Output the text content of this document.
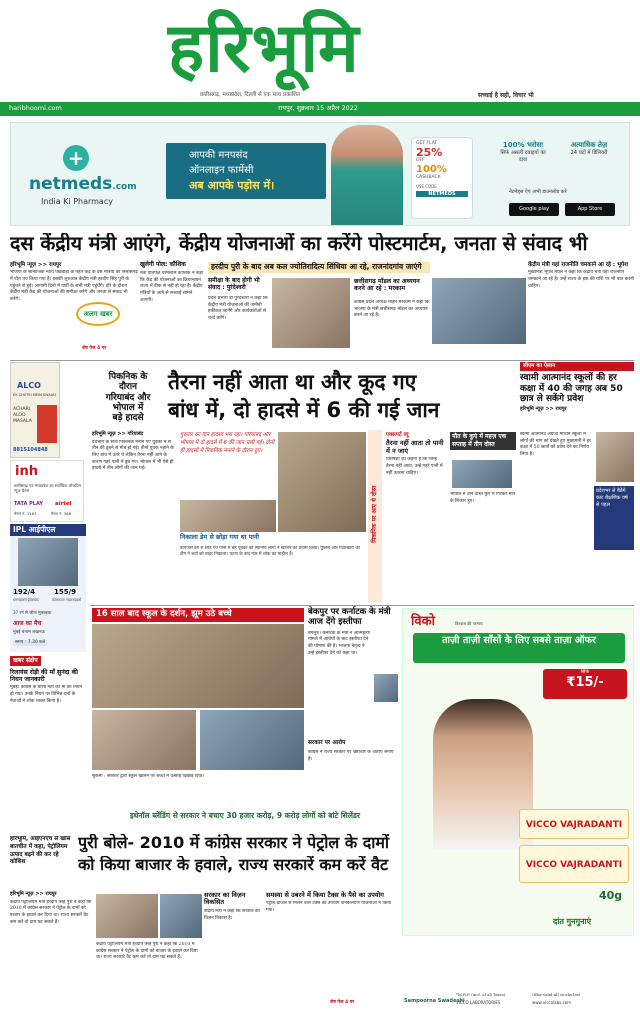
हरिभूमि
छत्तीसगढ़, मध्यप्रदेश, दिल्ली से एक साथ प्रकाशित	सच्चाई है सही, विचार भी
haribhoomi.com	रायपुर, शुक्रवार 15 अप्रैल 2022
+
netmeds.com
India Ki Pharmacy
आपकी मनपसंद
ऑनलाइन फार्मेसी
अब आपके पड़ोस में।
GET FLAT
25%
OFF
100%
CASHBACK
USE CODE
NETMEDS
100% भरोसा
सिर्फ असली दवाइयों का दावा
अत्याधिक तेज़
24 घंटों में डिलिवरी
नेटमेड्स ऐप अभी डाउनलोड करें
Google play	App Store
दस केंद्रीय मंत्री आएंगे, केंद्रीय योजनाओं का करेंगे पोस्टमार्टम, जनता से संवाद भी
हरिभूमि न्यूज़ >> रायपुर
भाजपा के सामाजिक न्याय पखवाड़ा के तहत केंद्र के दस मंत्रियों का छत्तीसगढ़ में दौरा तय किया गया है। इसकी शुरुआत केंद्रीय मंत्री हरदीप सिंह पुरी के पहुंचने से हुई। आगामी दिनों में पार्टी के सभी मंत्री पहुंचेंगे। दौरे के दौरान केंद्रीय मंत्री केंद्र की योजनाओं की समीक्षा करेंगे और जनता से संवाद भी करेंगे।
अलग खबर
शेष पेज 4 पर
खुलेगी पोल: कौशिक
नेता प्रतिपक्ष धरमलाल कौशिक ने कहा कि केंद्र की योजनाओं का क्रियान्वयन राज्य में ठीक से नहीं हो रहा है। केंद्रीय मंत्रियों के आने से सच्चाई सामने आएगी।
हरदीप पुरी के बाद अब कल ज्योतिरादित्य सिंधिया आ रहे, राजनांदगांव जाएंगे
समीक्षा के बाद होगी भी संवाद : पुरंदेश्वरी
प्रदेश प्रभारी डी पुरंदेश्वरी ने कहा कि केंद्रीय मंत्री योजनाओं की जमीनी हकीकत जानेंगे और कार्यकर्ताओं से चर्चा करेंगे।
छत्तीसगढ़ मॉडल का अध्ययन करने आ रहे : मरकाम
कांग्रेस प्रदेश अध्यक्ष मोहन मरकाम ने कहा कि भाजपा के मंत्री छत्तीसगढ़ मॉडल का अध्ययन करने आ रहे हैं।
केंद्रीय मंत्री यहां राजनीति चमकाने आ रहे : भूपेश
मुख्यमंत्री भूपेश बघेल ने कहा कि केंद्रीय मंत्री यहां राजनीति चमकाने आ रहे हैं। उन्हें राज्य के हक की राशि पर भी बात करनी चाहिए।
ALCO
EK CHUTKI MEIN SWAAD
ACHARI ALOO MASALA
8815104848
inh
छत्तीसगढ़ एवं मध्यप्रदेश का सर्वाधिक लोकप्रिय न्यूज़ चैनल
TATA PLAY airtel
चैनल नं. 1163	चैनल नं. 368
IPL आईपीएल
192/4	155/9
सनराइजर्स हैदराबाद	कोलकाता नाइटराइडर्स
37 रन से जीता मुकाबला
आज का मैच
मुंबई बनाम लखनऊ
समय : 7.30 बजे
खबर संक्षेप
रिलायंस रोड़ी की माँ सुनंदा की निधन जानकारी
मुंबई। कांग्रेस के वरिष्ठ नेता की माँ का निधन हो गया। उनके निधन पर विभिन्न दलों के नेताओं ने शोक व्यक्त किया है।
पिकनिक के
दौरान
गरियाबंद और
भोपाल में
बड़े हादसे
तैरना नहीं आता था और कूद गए
बांध में, दो हादसे में 6 की गई जान
हरिभूमि न्यूज़ >> गरियाबंद
देवभोग के साथ पिकनिक मनाने गए युवकों में से तीन की डूबने से मौत हो गई। तीनों युवक नहाने के लिए बांध में उतरे थे लेकिन तैरना नहीं आने के कारण गहरे पानी में डूब गए। भोपाल में भी ऐसे ही हादसे में तीन लोगों की जान गई।
गुरुवार का दिन हादसों भरा रहा। गरियाबंद और भोपाल में दो हादसे में 6 की जान चली गई। दोनों ही हादसों में पिकनिक मनाने के दौरान हुए।
निकाला डेम से छोड़ा गया था पानी
बायपास डेम से छोड़े गए पानी में बहे युवकों को स्थानीय लोगों ने खोजने का प्रयास किया। पुलिस और गोताखोरों की टीम ने शवों को बाहर निकाला। घटना के बाद गांव में शोक का माहौल है।
पिकनिक पर आए थे दोस्त
एक्सपर्ट व्यू
तैरना नहीं आता तो पानी में न जाएं
विशेषज्ञों का कहना है कि जिन्हें तैरना नहीं आता, उन्हें गहरे पानी में नहीं उतरना चाहिए।
मौत के कुएं में महज़ एक सप्ताह में तीन दोस्त
भोपाल में तीन दोस्त कुएं में गिरकर मौत के शिकार हुए।
सीएम का ऐलान
स्वामी आत्मानंद स्कूलों की हर कक्षा में 40 की जगह अब 50 छात्र ले सकेंगे प्रवेश
हरिभूमि न्यूज़ >> रायपुर
स्वामी आत्मानंद अंग्रेजी माध्यम स्कूलों में लोगों की मांग को देखते हुए मुख्यमंत्री ने हर कक्षा में 50 छात्रों को प्रवेश देने का निर्णय लिया है।
प्रदेशभर से बैठेंगे कार शैक्षणिक वर्ष से पहल
16 साल बाद स्कूल के दर्शन, झूम उठे बच्चे
सुकमा : सरकार द्वारा स्कूल खोलने पर बच्चों में उत्साह दिखाई दिया।
बेकपुर पर कर्नाटक के मंत्री आज देंगे इस्तीफा
बेंगलुरु। कर्नाटक के मंत्री ने आत्महत्या मामले में आरोपों के बाद इस्तीफा देने की घोषणा की है। भाजपा नेतृत्व ने उन्हें इस्तीफा देने को कहा था।
सरकार पर आरोप
कांग्रेस ने राज्य सरकार पर भ्रष्टाचार के आरोप लगाए हैं।
विको	विश्वास की परम्परा
ताज़ी ताज़ी साँसों के लिए सबसे ताज़ा ऑफर
सिर्फ
₹15/-
VICCO VAJRADANTI
VICCO VAJRADANTI
40g
दांत गुनगुनाएं
इथेनॉल ब्लेंडिंग से सरकार ने बचाए 30 हजार करोड़, 9 करोड़ लोगों को बांटे सिलेंडर
हरिभूमि, आईएनएच से खास बातचीत में कहा, पेट्रोलियम उत्पाद बढ़ने की कर रहे कोशिश
पुरी बोले- 2010 में कांग्रेस सरकार ने पेट्रोल के दामों
को किया बाजार के हवाले, राज्य सरकारें कम करें वैट
हरिभूमि न्यूज़ >> रायपुर
केंद्रीय पेट्रोलियम मंत्री हरदीप सिंह पुरी ने कहा कि 2010 में कांग्रेस सरकार ने पेट्रोल के दामों को बाजार के हवाले कर दिया था। राज्य सरकारें वैट कम करें तो दाम घट सकते हैं।
केंद्रीय पेट्रोलियम मंत्री हरदीप सिंह पुरी ने कहा कि 2010 में कांग्रेस सरकार ने पेट्रोल के दामों को बाजार के हवाले कर दिया था। राज्य सरकारें वैट कम करें तो दाम घट सकते हैं।
सरकार का विज़न विकसित
केंद्रीय मंत्री ने कहा कि सरकार का विज़न विकास है।
समस्या से उबरने में किया टैक्स के पैसे का उपयोग
पेट्रोल-डीजल से मिलने वाले टैक्स का उपयोग जनकल्याण योजनाओं में किया गया।
शेष पेज 4 पर
*M.R.P. (incl. of all Taxes)	Offer valid till stocks last
Sampoorna Swadeshi
VICCO LABORATORIES	www.viccolabs.com
